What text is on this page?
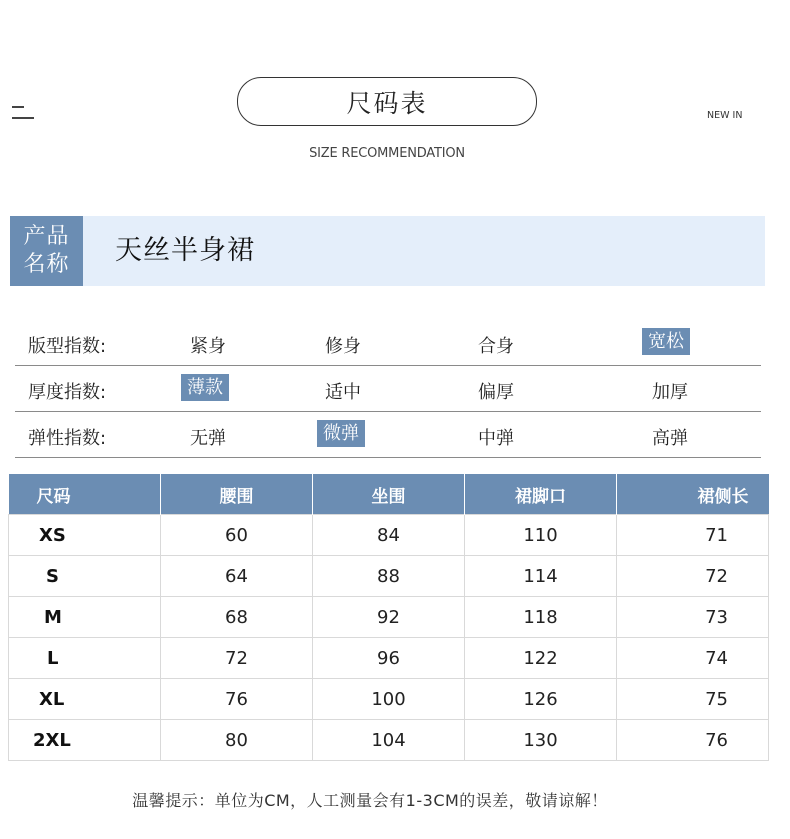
尺码表
SIZE RECOMMENDATION
NEW IN
产品
名称 天丝半身裙
版型指数:	紧身	修身	合身	宽松
厚度指数:	薄款	适中	偏厚	加厚
弹性指数:	无弹	微弹	中弹	高弹
尺码	腰围	坐围	裙脚口	裙侧长
XS	60	84	110	71
S	64	88	114	72
M	68	92	118	73
L	72	96	122	74
XL	76	100	126	75
2XL	80	104	130	76
温馨提示：单位为CM，人工测量会有1-3CM的误差，敬请谅解！
